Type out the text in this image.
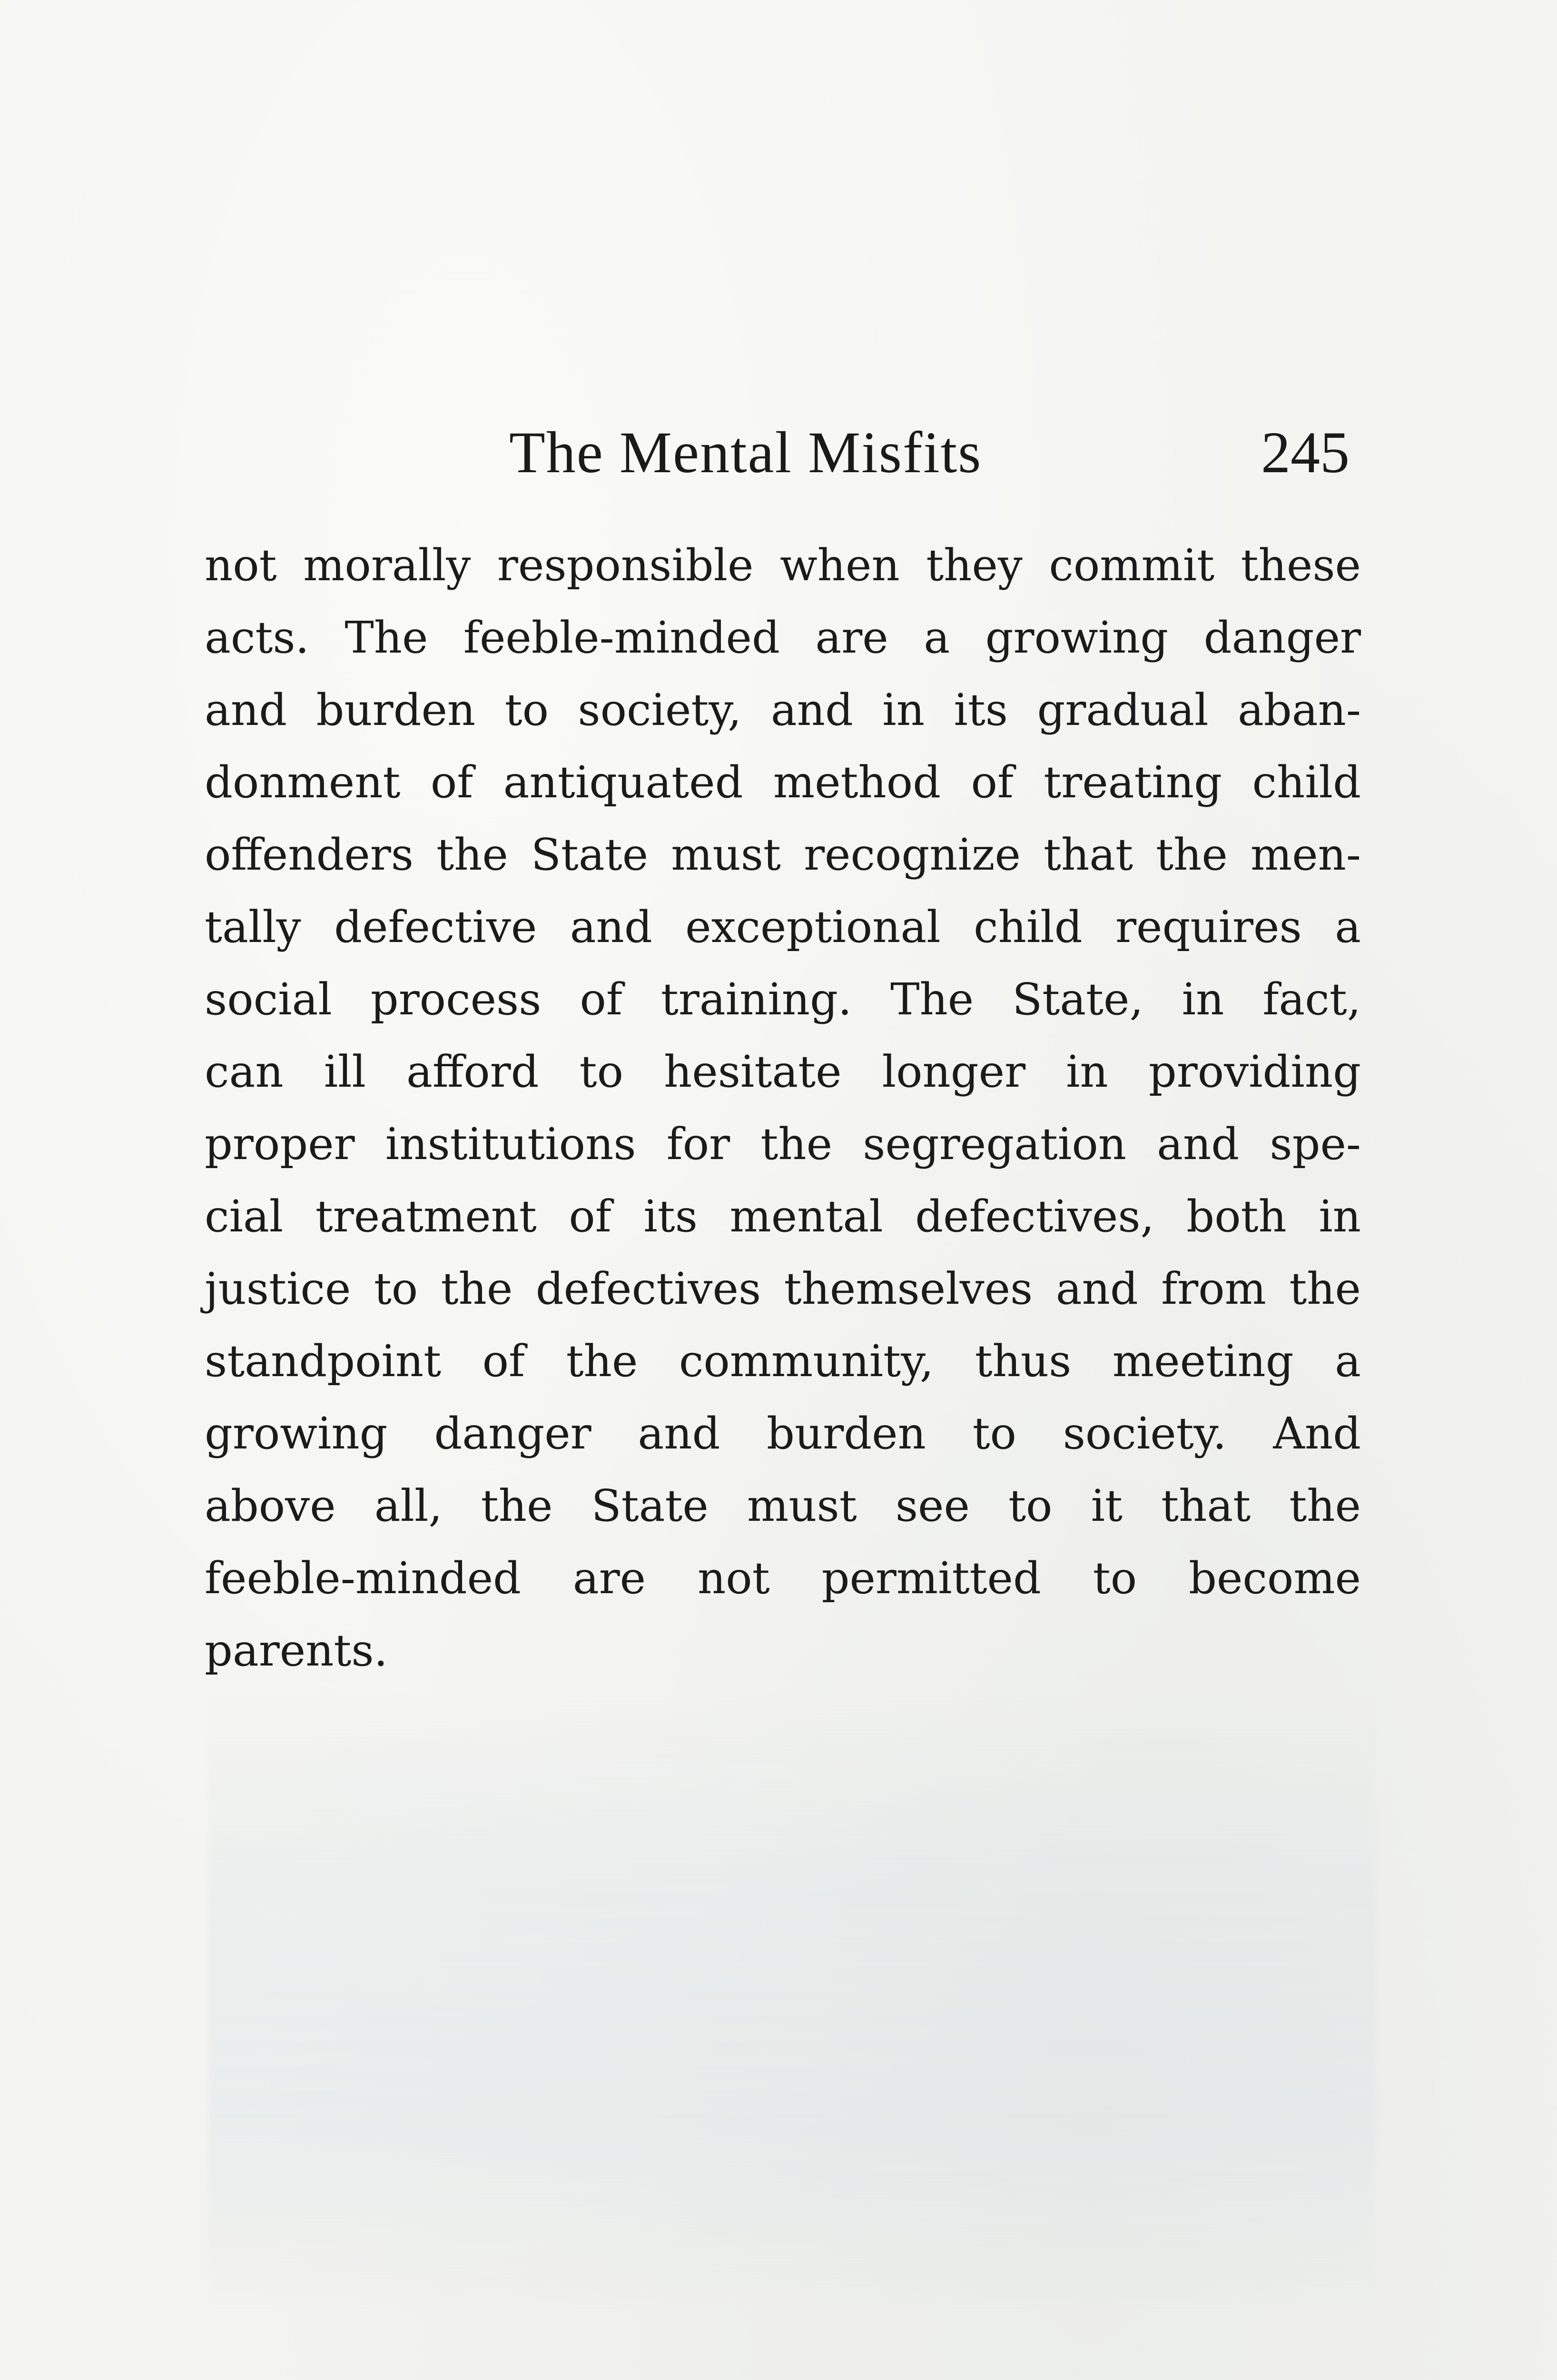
The Mental Misfits	245
not morally responsible when they commit these
acts. The feeble-minded are a growing danger
and burden to society, and in its gradual aban-
donment of antiquated method of treating child
offenders the State must recognize that the men-
tally defective and exceptional child requires a
social process of training. The State, in fact,
can ill afford to hesitate longer in providing
proper institutions for the segregation and spe-
cial treatment of its mental defectives, both in
justice to the defectives themselves and from the
standpoint of the community, thus meeting a
growing danger and burden to society. And
above all, the State must see to it that the
feeble-minded are not permitted to become
parents.
